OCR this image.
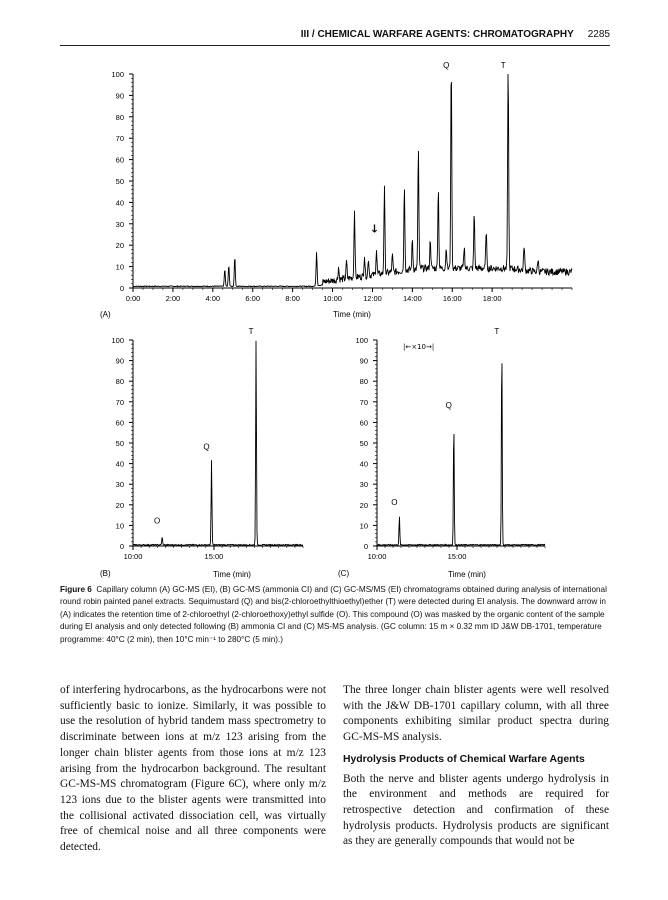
III / CHEMICAL WARFARE AGENTS: CHROMATOGRAPHY 2285
0
10
20
30
40
50
60
70
80
90
100
0:00	2:00	4:00	6:00	8:00	10:00	12:00	14:00	16:00	18:00
Q	T
↓
(A)	Time (min)
0
10
20
30
40
50
60
70
80
90
100
10:00	15:00
O
Q
T
(B)	Time (min)
0
10
20
30
40
50
60
70
80
90
100
10:00	15:00
O
Q
T
|←×10→|
(C)	Time (min)
Figure 6 Capillary column (A) GC-MS (EI), (B) GC-MS (ammonia CI) and (C) GC-MS/MS (EI) chromatograms obtained during analysis of international round robin painted panel extracts. Sequimustard (Q) and bis(2-chloroethylthioethyl)ether (T) were detected during EI analysis. The downward arrow in (A) indicates the retention time of 2-chloroethyl (2-chloroethoxy)ethyl sulfide (O). This compound (O) was masked by the organic content of the sample during EI analysis and only detected following (B) ammonia CI and (C) MS-MS analysis. (GC column: 15 m × 0.32 mm ID J&W DB-1701, temperature programme: 40°C (2 min), then 10°C min⁻¹ to 280°C (5 min).)

of interfering hydrocarbons, as the hydrocarbons were not sufficiently basic to ionize. Similarly, it was possible to use the resolution of hybrid tandem mass spectrometry to discriminate between ions at m/z 123 arising from the longer chain blister agents from those ions at m/z 123 arising from the hydrocarbon background. The resultant GC-MS-MS chromatogram (Figure 6C), where only m/z 123 ions due to the blister agents were transmitted into the collisional activated dissociation cell, was virtually free of chemical noise and all three components were detected.

The three longer chain blister agents were well resolved with the J&W DB-1701 capillary column, with all three components exhibiting similar product spectra during GC-MS-MS analysis.

Hydrolysis Products of Chemical Warfare Agents

Both the nerve and blister agents undergo hydrolysis in the environment and methods are required for retrospective detection and confirmation of these hydrolysis products. Hydrolysis products are significant as they are generally compounds that would not be
